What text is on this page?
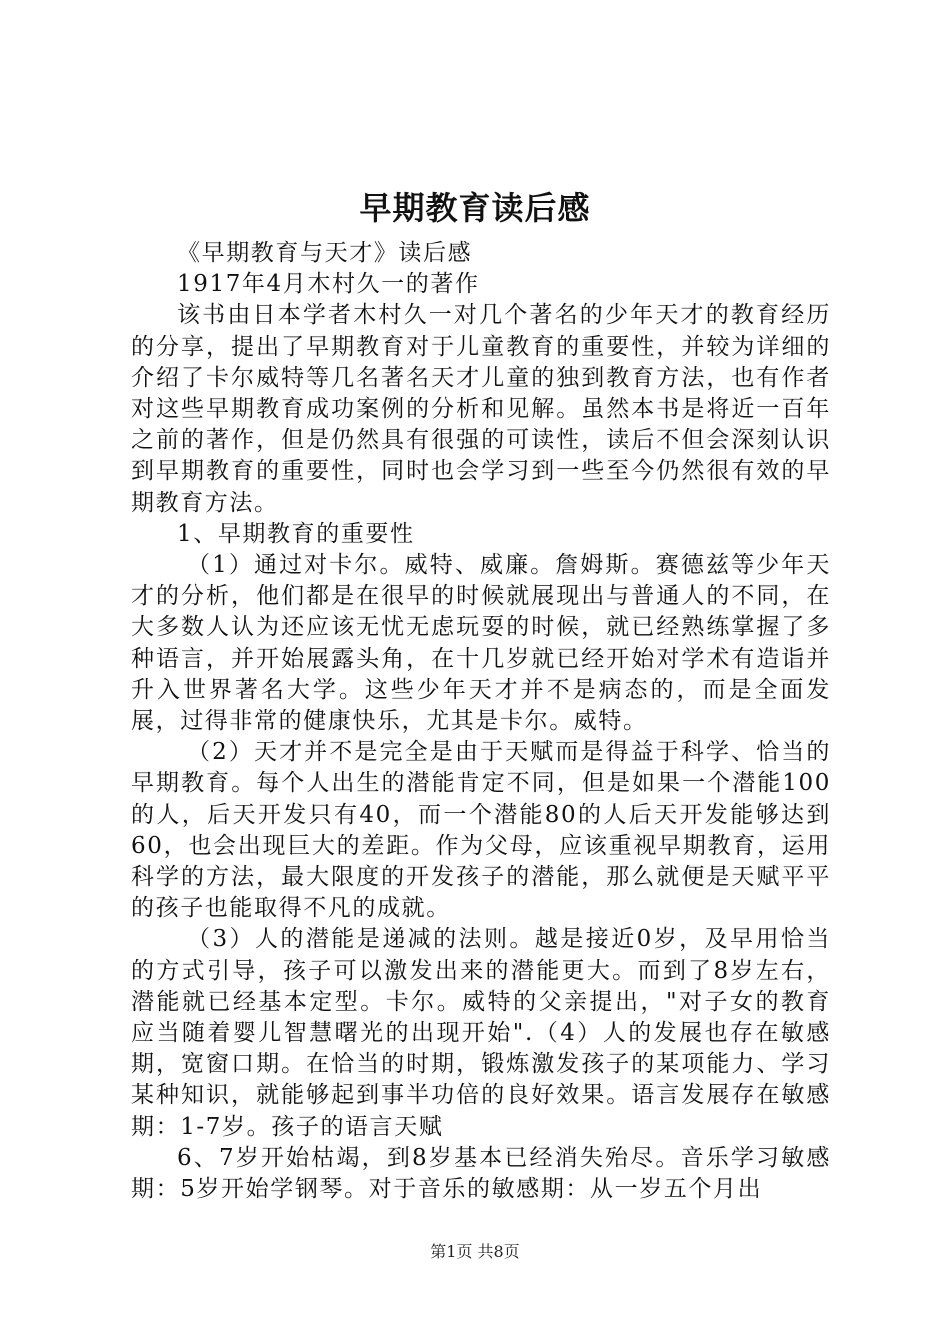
早期教育读后感

《早期教育与天才》读后感

1917年4月木村久一的著作

该书由日本学者木村久一对几个著名的少年天才的教育经历的分享，提出了早期教育对于儿童教育的重要性，并较为详细的介绍了卡尔威特等几名著名天才儿童的独到教育方法，也有作者对这些早期教育成功案例的分析和见解。虽然本书是将近一百年之前的著作，但是仍然具有很强的可读性，读后不但会深刻认识到早期教育的重要性，同时也会学习到一些至今仍然很有效的早期教育方法。

1、早期教育的重要性

（1）通过对卡尔。威特、威廉。詹姆斯。赛德兹等少年天才的分析，他们都是在很早的时候就展现出与普通人的不同，在大多数人认为还应该无忧无虑玩耍的时候，就已经熟练掌握了多种语言，并开始展露头角，在十几岁就已经开始对学术有造诣并升入世界著名大学。这些少年天才并不是病态的，而是全面发展，过得非常的健康快乐，尤其是卡尔。威特。

（2）天才并不是完全是由于天赋而是得益于科学、恰当的早期教育。每个人出生的潜能肯定不同，但是如果一个潜能100的人，后天开发只有40，而一个潜能80的人后天开发能够达到60，也会出现巨大的差距。作为父母，应该重视早期教育，运用科学的方法，最大限度的开发孩子的潜能，那么就便是天赋平平的孩子也能取得不凡的成就。

（3）人的潜能是递减的法则。越是接近0岁，及早用恰当的方式引导，孩子可以激发出来的潜能更大。而到了8岁左右，潜能就已经基本定型。卡尔。威特的父亲提出，"对子女的教育应当随着婴儿智慧曙光的出现开始".（4）人的发展也存在敏感期，宽窗口期。在恰当的时期，锻炼激发孩子的某项能力、学习某种知识，就能够起到事半功倍的良好效果。语言发展存在敏感期：1-7岁。孩子的语言天赋

6、7岁开始枯竭，到8岁基本已经消失殆尽。音乐学习敏感期：5岁开始学钢琴。对于音乐的敏感期：从一岁五个月出

第1页 共8页
